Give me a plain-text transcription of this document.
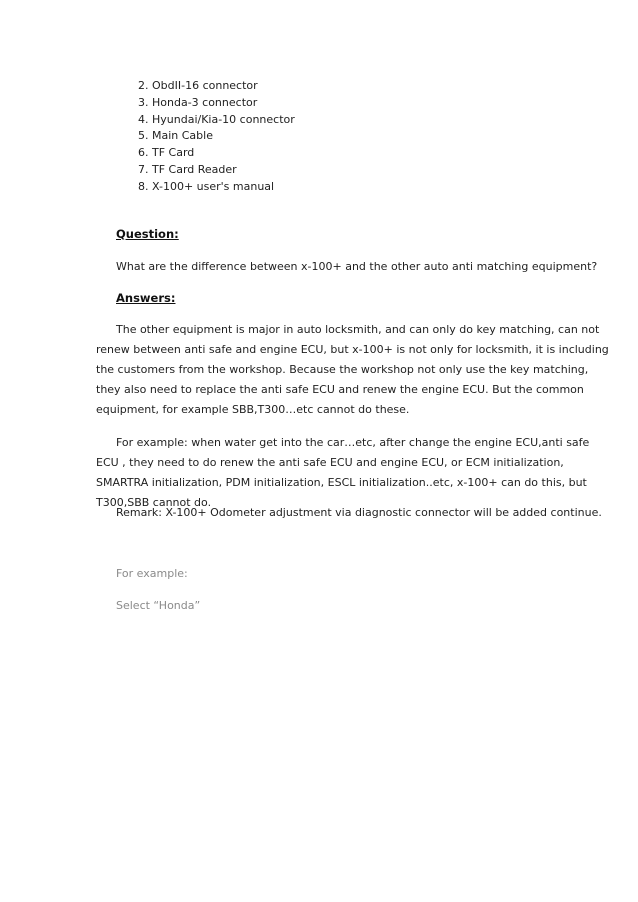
2. ObdII-16 connector
3. Honda-3 connector
4. Hyundai/Kia-10 connector
5. Main Cable
6. TF Card
7. TF Card Reader
8. X-100+ user's manual
Question:
What are the difference between x-100+ and the other auto anti matching equipment?
Answers:
The other equipment is major in auto locksmith, and can only do key matching, can not
renew between anti safe and engine ECU, but x-100+ is not only for locksmith, it is including
the customers from the workshop. Because the workshop not only use the key matching,
they also need to replace the anti safe ECU and renew the engine ECU. But the common
equipment, for example SBB,T300…etc cannot do these.
For example: when water get into the car…etc, after change the engine ECU,anti safe
ECU , they need to do renew the anti safe ECU and engine ECU, or ECM initialization,
SMARTRA initialization, PDM initialization, ESCL initialization..etc, x-100+ can do this, but
T300,SBB cannot do.
Remark: X-100+ Odometer adjustment via diagnostic connector will be added continue.
For example:
Select “Honda”
